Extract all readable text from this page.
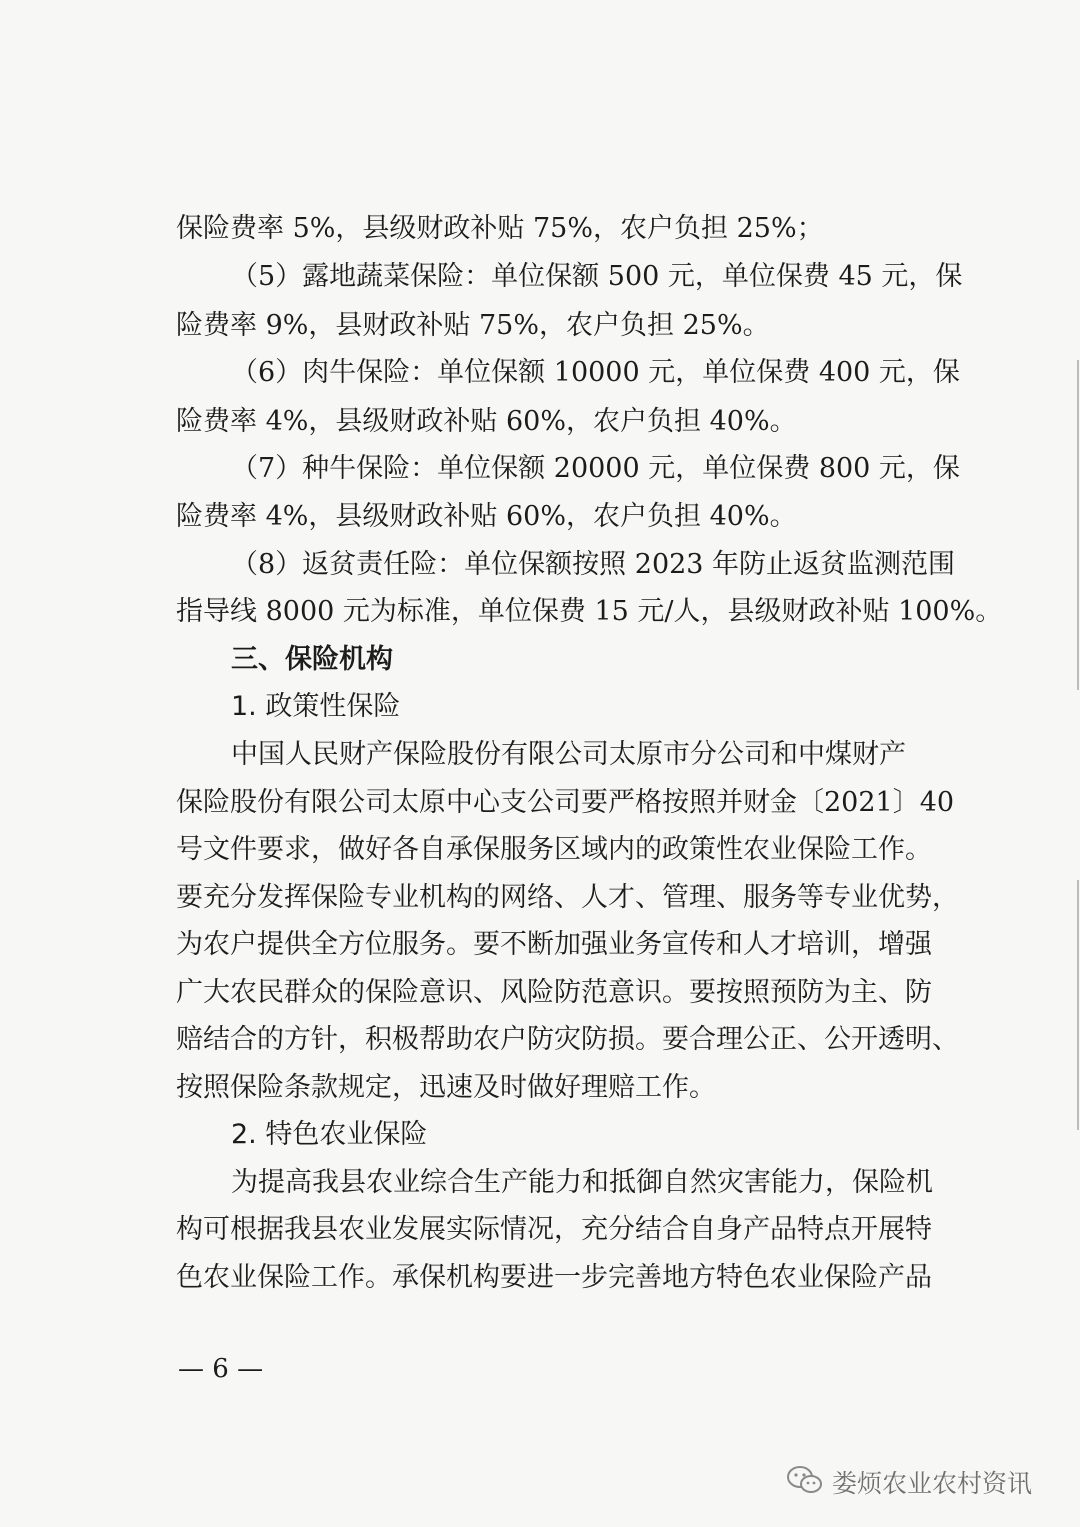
保险费率 5%，县级财政补贴 75%，农户负担 25%；
（5）露地蔬菜保险：单位保额 500 元，单位保费 45 元，保
险费率 9%，县财政补贴 75%，农户负担 25%。
（6）肉牛保险：单位保额 10000 元，单位保费 400 元，保
险费率 4%，县级财政补贴 60%，农户负担 40%。
（7）种牛保险：单位保额 20000 元，单位保费 800 元，保
险费率 4%，县级财政补贴 60%，农户负担 40%。
（8）返贫责任险：单位保额按照 2023 年防止返贫监测范围
指导线 8000 元为标准，单位保费 15 元/人，县级财政补贴 100%。
三、保险机构
1. 政策性保险
中国人民财产保险股份有限公司太原市分公司和中煤财产
保险股份有限公司太原中心支公司要严格按照并财金〔2021〕40
号文件要求，做好各自承保服务区域内的政策性农业保险工作。
要充分发挥保险专业机构的网络、人才、管理、服务等专业优势，
为农户提供全方位服务。要不断加强业务宣传和人才培训，增强
广大农民群众的保险意识、风险防范意识。要按照预防为主、防
赔结合的方针，积极帮助农户防灾防损。要合理公正、公开透明、
按照保险条款规定，迅速及时做好理赔工作。
2. 特色农业保险
为提高我县农业综合生产能力和抵御自然灾害能力，保险机
构可根据我县农业发展实际情况，充分结合自身产品特点开展特
色农业保险工作。承保机构要进一步完善地方特色农业保险产品
— 6 —
娄烦农业农村资讯
